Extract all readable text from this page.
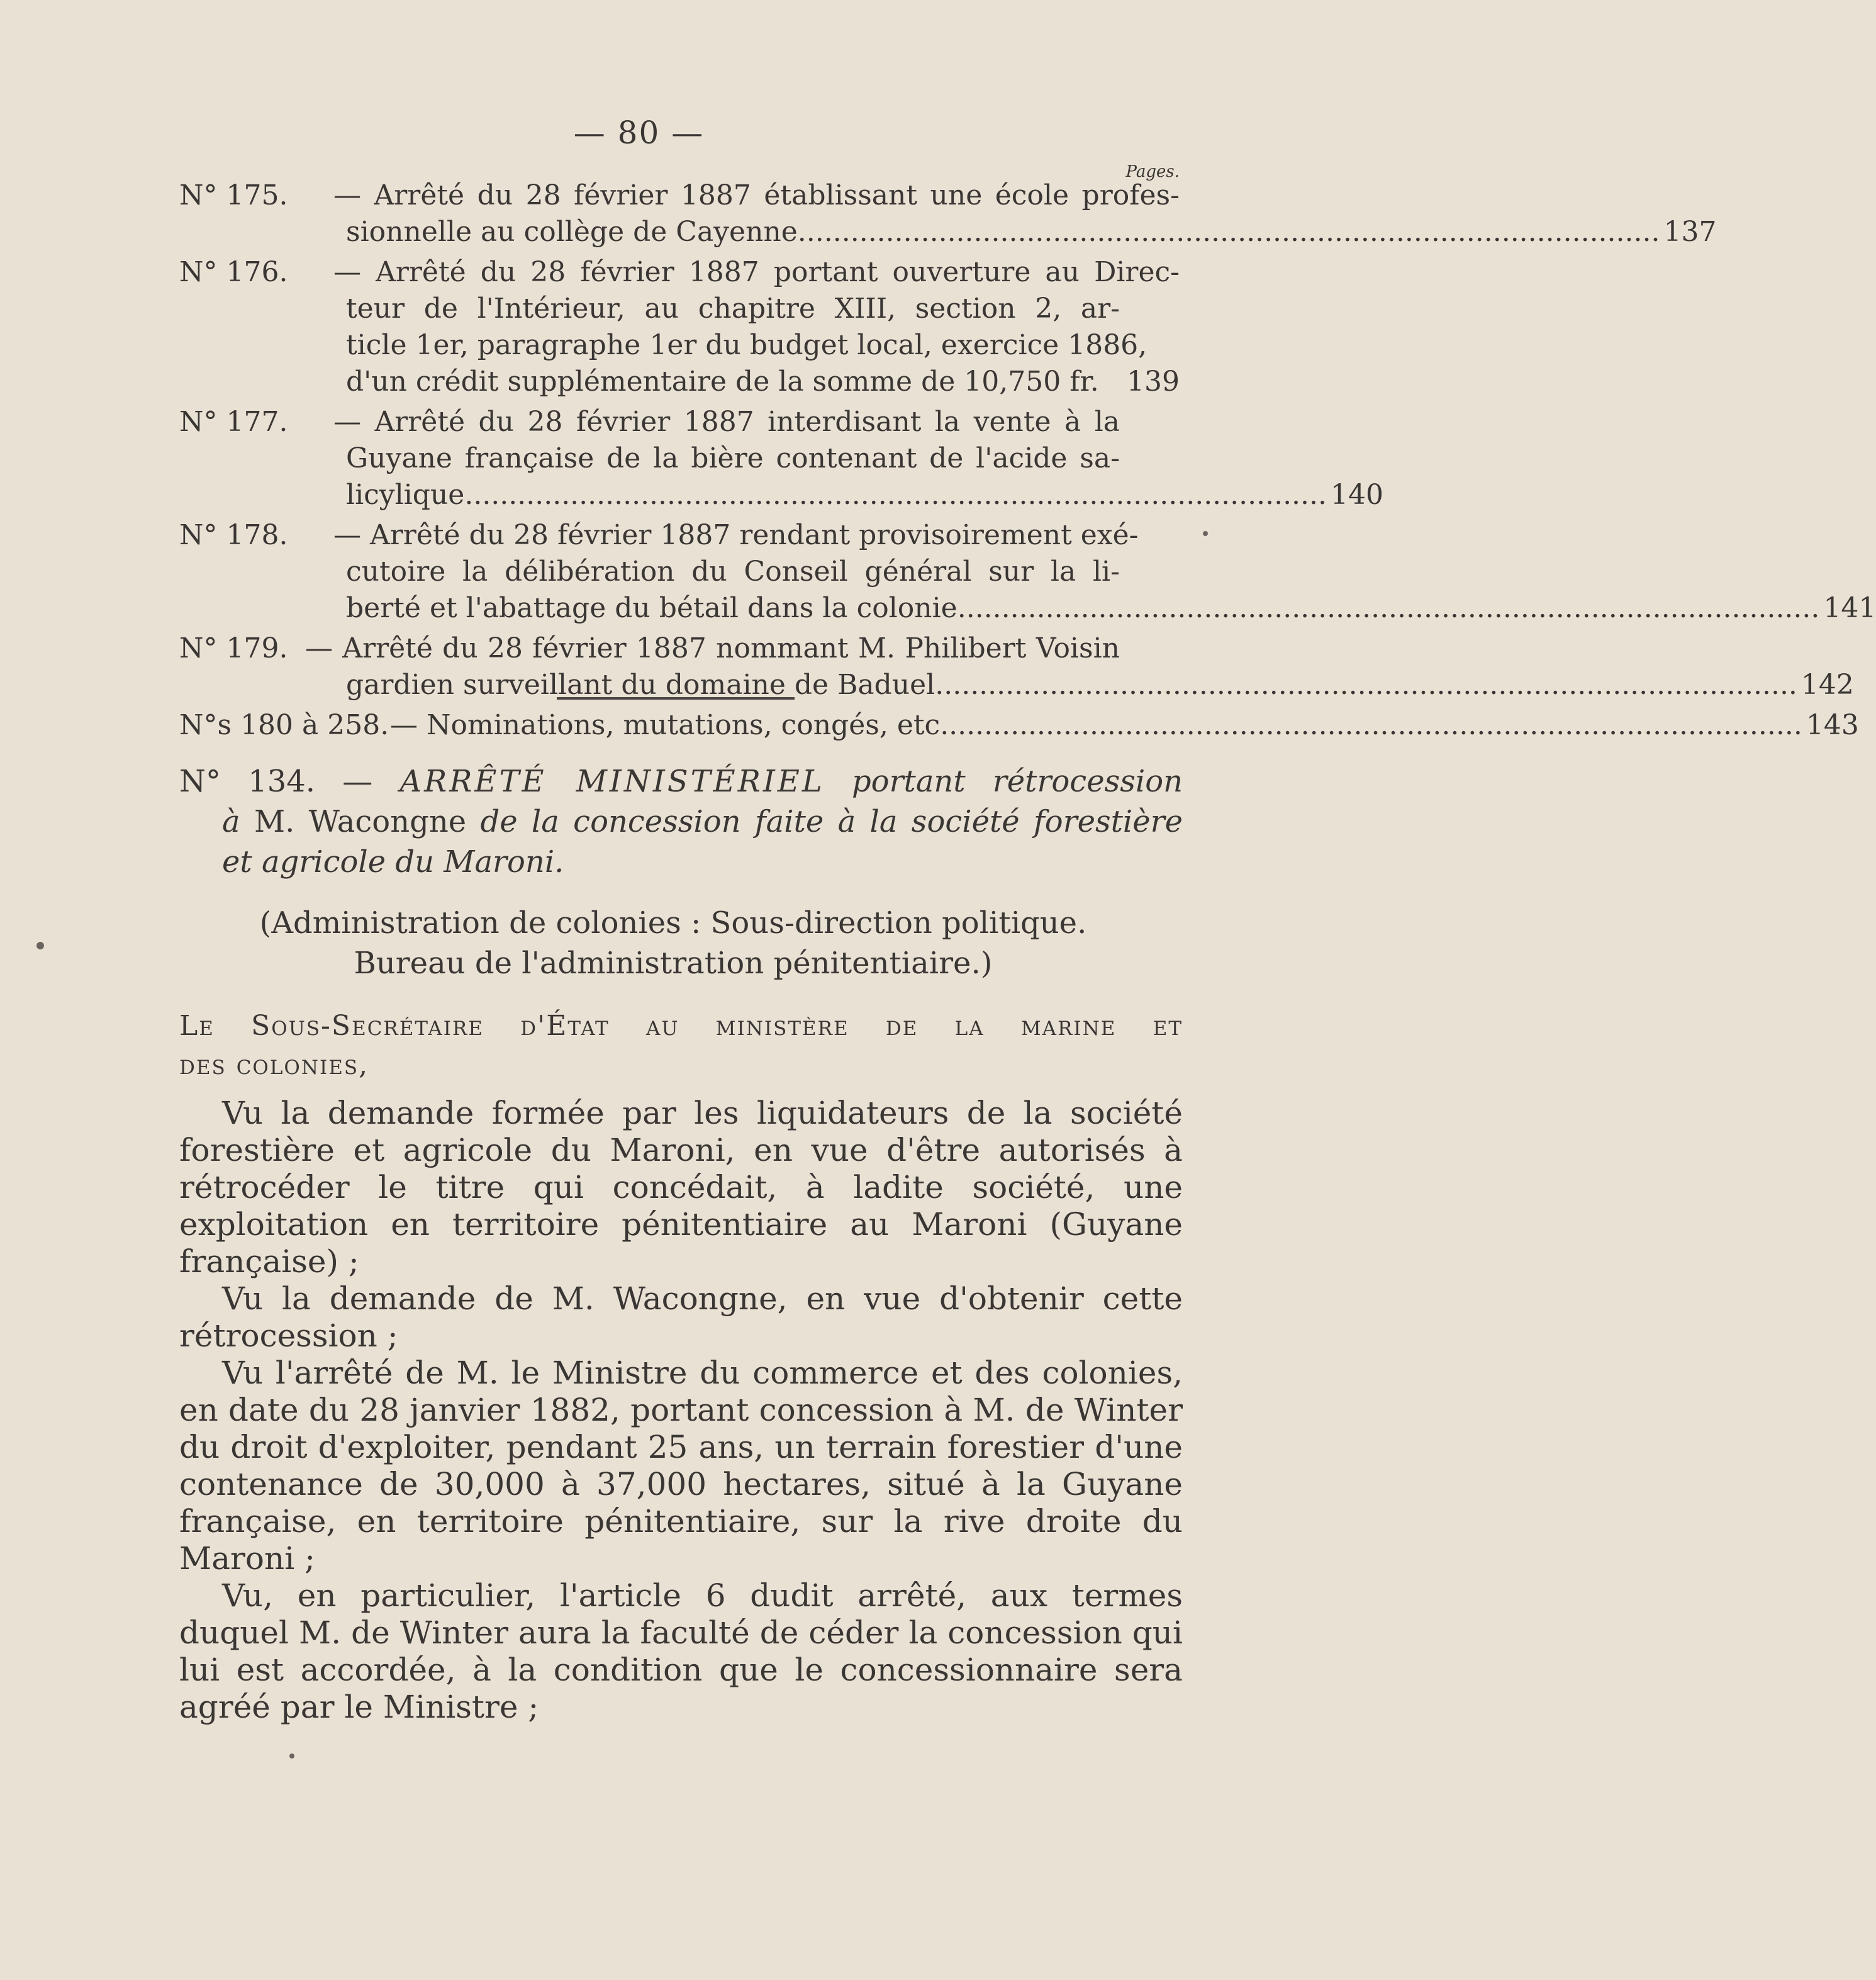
— 80 —
Pages.
N° 175. — Arrêté du 28 février 1887 établissant une école profes-
sionnelle au collège de Cayenne .................................................................................................. 137
N° 176. — Arrêté du 28 février 1887 portant ouverture au Direc-
teur de l'Intérieur, au chapitre XIII, section 2, ar-
ticle 1er, paragraphe 1er du budget local, exercice 1886,
d'un crédit supplémentaire de la somme de 10,750 fr. 139
N° 177. — Arrêté du 28 février 1887 interdisant la vente à la
Guyane française de la bière contenant de l'acide sa-
licylique .................................................................................................. 140
N° 178. — Arrêté du 28 février 1887 rendant provisoirement exé-
cutoire la délibération du Conseil général sur la li-
berté et l'abattage du bétail dans la colonie .................................................................................................. 141
N° 179. — Arrêté du 28 février 1887 nommant M. Philibert Voisin
gardien surveillant du domaine de Baduel .................................................................................................. 142
N°s 180 à 258. — Nominations, mutations, congés, etc .................................................................................................. 143
N° 134. — ARRÊTÉ MINISTÉRIEL portant rétrocession
à M. Wacongne de la concession faite à la société forestière
et agricole du Maroni.
(Administration de colonies : Sous-direction politique.
Bureau de l'administration pénitentiaire.)
Le Sous-Secrétaire d'État au ministère de la marine et
des colonies,

Vu la demande formée par les liquidateurs de la société forestière et agricole du Maroni, en vue d'être autorisés à rétrocéder le titre qui concédait, à ladite société, une exploitation en territoire pénitentiaire au Maroni (Guyane française) ;

Vu la demande de M. Wacongne, en vue d'obtenir cette rétrocession ;

Vu l'arrêté de M. le Ministre du commerce et des colonies, en date du 28 janvier 1882, portant concession à M. de Winter du droit d'exploiter, pendant 25 ans, un terrain forestier d'une contenance de 30,000 à 37,000 hectares, situé à la Guyane française, en territoire pénitentiaire, sur la rive droite du Maroni ;

Vu, en particulier, l'article 6 dudit arrêté, aux termes duquel M. de Winter aura la faculté de céder la concession qui lui est accordée, à la condition que le concessionnaire sera agréé par le Ministre ;
